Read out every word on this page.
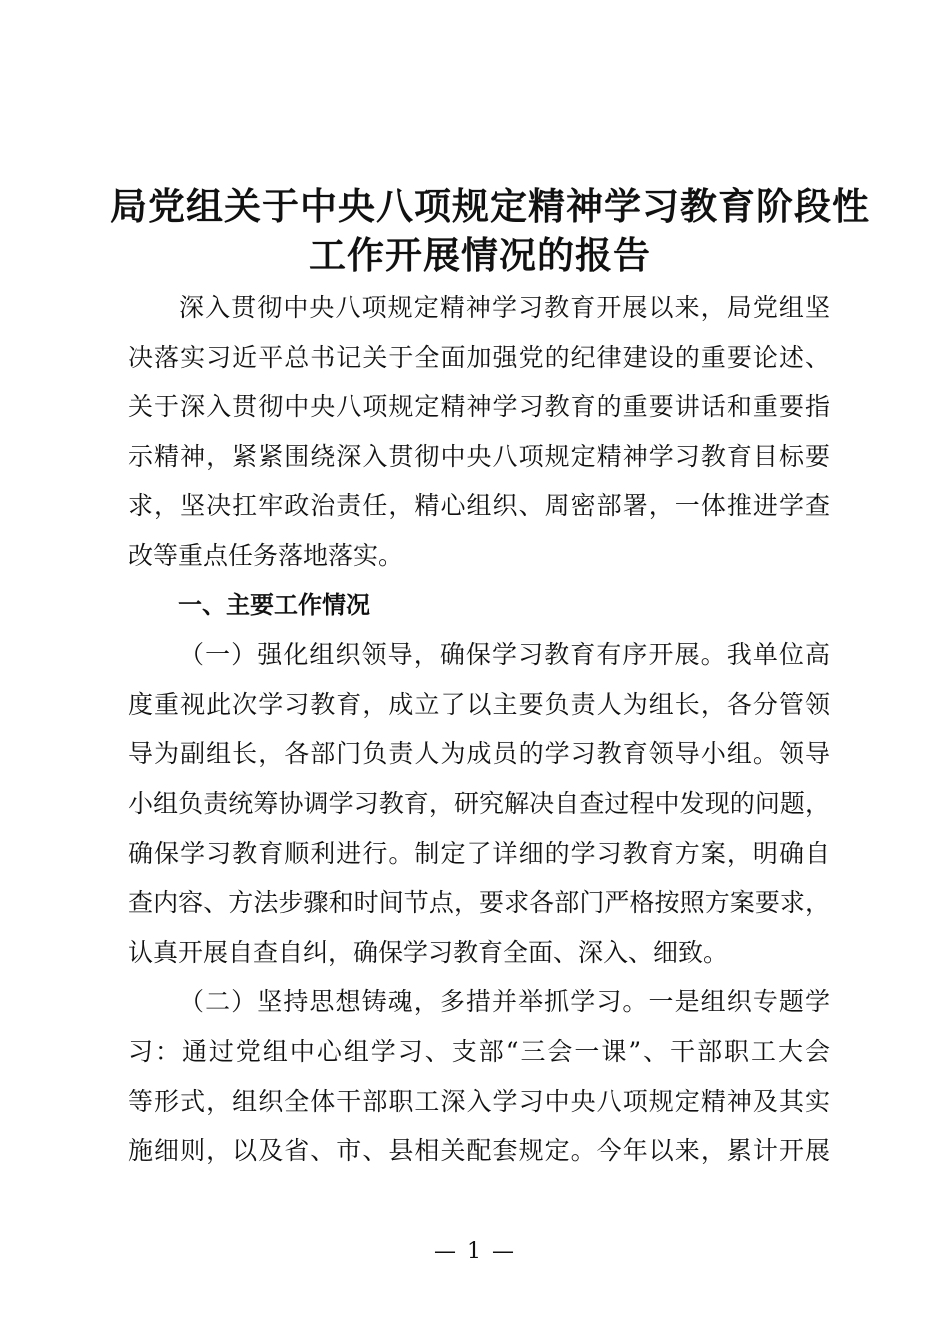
局党组关于中央八项规定精神学习教育阶段性
工作开展情况的报告
深入贯彻中央八项规定精神学习教育开展以来，局党组坚
决落实习近平总书记关于全面加强党的纪律建设的重要论述、
关于深入贯彻中央八项规定精神学习教育的重要讲话和重要指
示精神，紧紧围绕深入贯彻中央八项规定精神学习教育目标要
求，坚决扛牢政治责任，精心组织、周密部署，一体推进学查
改等重点任务落地落实。
一、主要工作情况
（一）强化组织领导，确保学习教育有序开展。我单位高
度重视此次学习教育，成立了以主要负责人为组长，各分管领
导为副组长，各部门负责人为成员的学习教育领导小组。领导
小组负责统筹协调学习教育，研究解决自查过程中发现的问题，
确保学习教育顺利进行。制定了详细的学习教育方案，明确自
查内容、方法步骤和时间节点，要求各部门严格按照方案要求，
认真开展自查自纠，确保学习教育全面、深入、细致。
（二）坚持思想铸魂，多措并举抓学习。一是组织专题学
习：通过党组中心组学习、支部“三会一课”、干部职工大会
等形式，组织全体干部职工深入学习中央八项规定精神及其实
施细则，以及省、市、县相关配套规定。今年以来，累计开展
— 1 —
